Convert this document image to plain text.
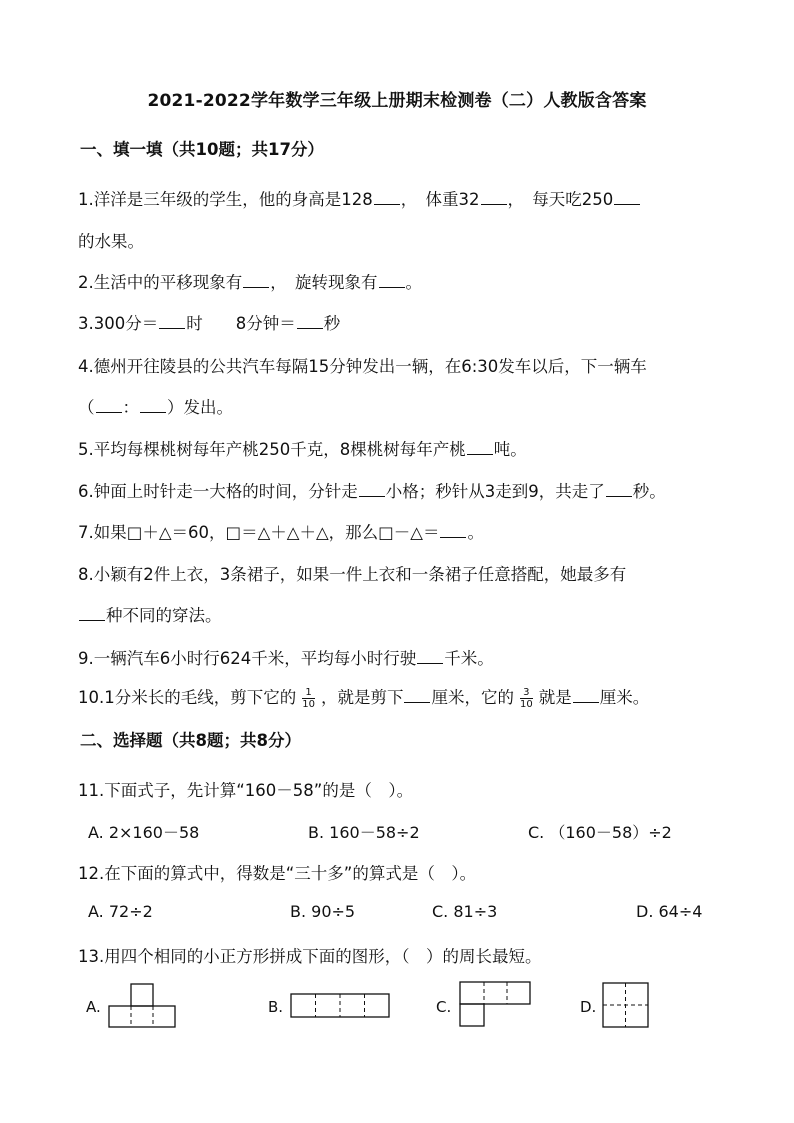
2021-2022学年数学三年级上册期末检测卷（二）人教版含答案
一、填一填（共10题；共17分）
1.洋洋是三年级的学生，他的身高是128 ，　体重32 ，　每天吃250
的水果。
2.生活中的平移现象有 ，　旋转现象有 。
3.300分＝ 时　　8分钟＝ 秒
4.德州开往陵县的公共汽车每隔15分钟发出一辆，在6:30发车以后，下一辆车
（ ： ）发出。
5.平均每棵桃树每年产桃250千克，8棵桃树每年产桃 吨。
6.钟面上时针走一大格的时间，分针走 小格；秒针从3走到9，共走了 秒。
7.如果□＋△＝60，□＝△＋△＋△，那么□－△＝ 。
8.小颖有2件上衣，3条裙子，如果一件上衣和一条裙子任意搭配，她最多有
种不同的穿法。
9.一辆汽车6小时行624千米，平均每小时行驶 千米。
10.1分米长的毛线，剪下它的 $\frac{1}{10}$ ，就是剪下 厘米，它的 $\frac{3}{10}$ 就是 厘米。
二、选择题（共8题；共8分）
11.下面式子，先计算“160－58”的是（　）。
A. 2×160－58	B. 160－58÷2	C. （160－58）÷2
12.在下面的算式中，得数是“三十多”的算式是（　）。
A. 72÷2	B. 90÷5	C. 81÷3	D. 64÷4
13.用四个相同的小正方形拼成下面的图形，（　）的周长最短。
A.	B.	C.	D.
